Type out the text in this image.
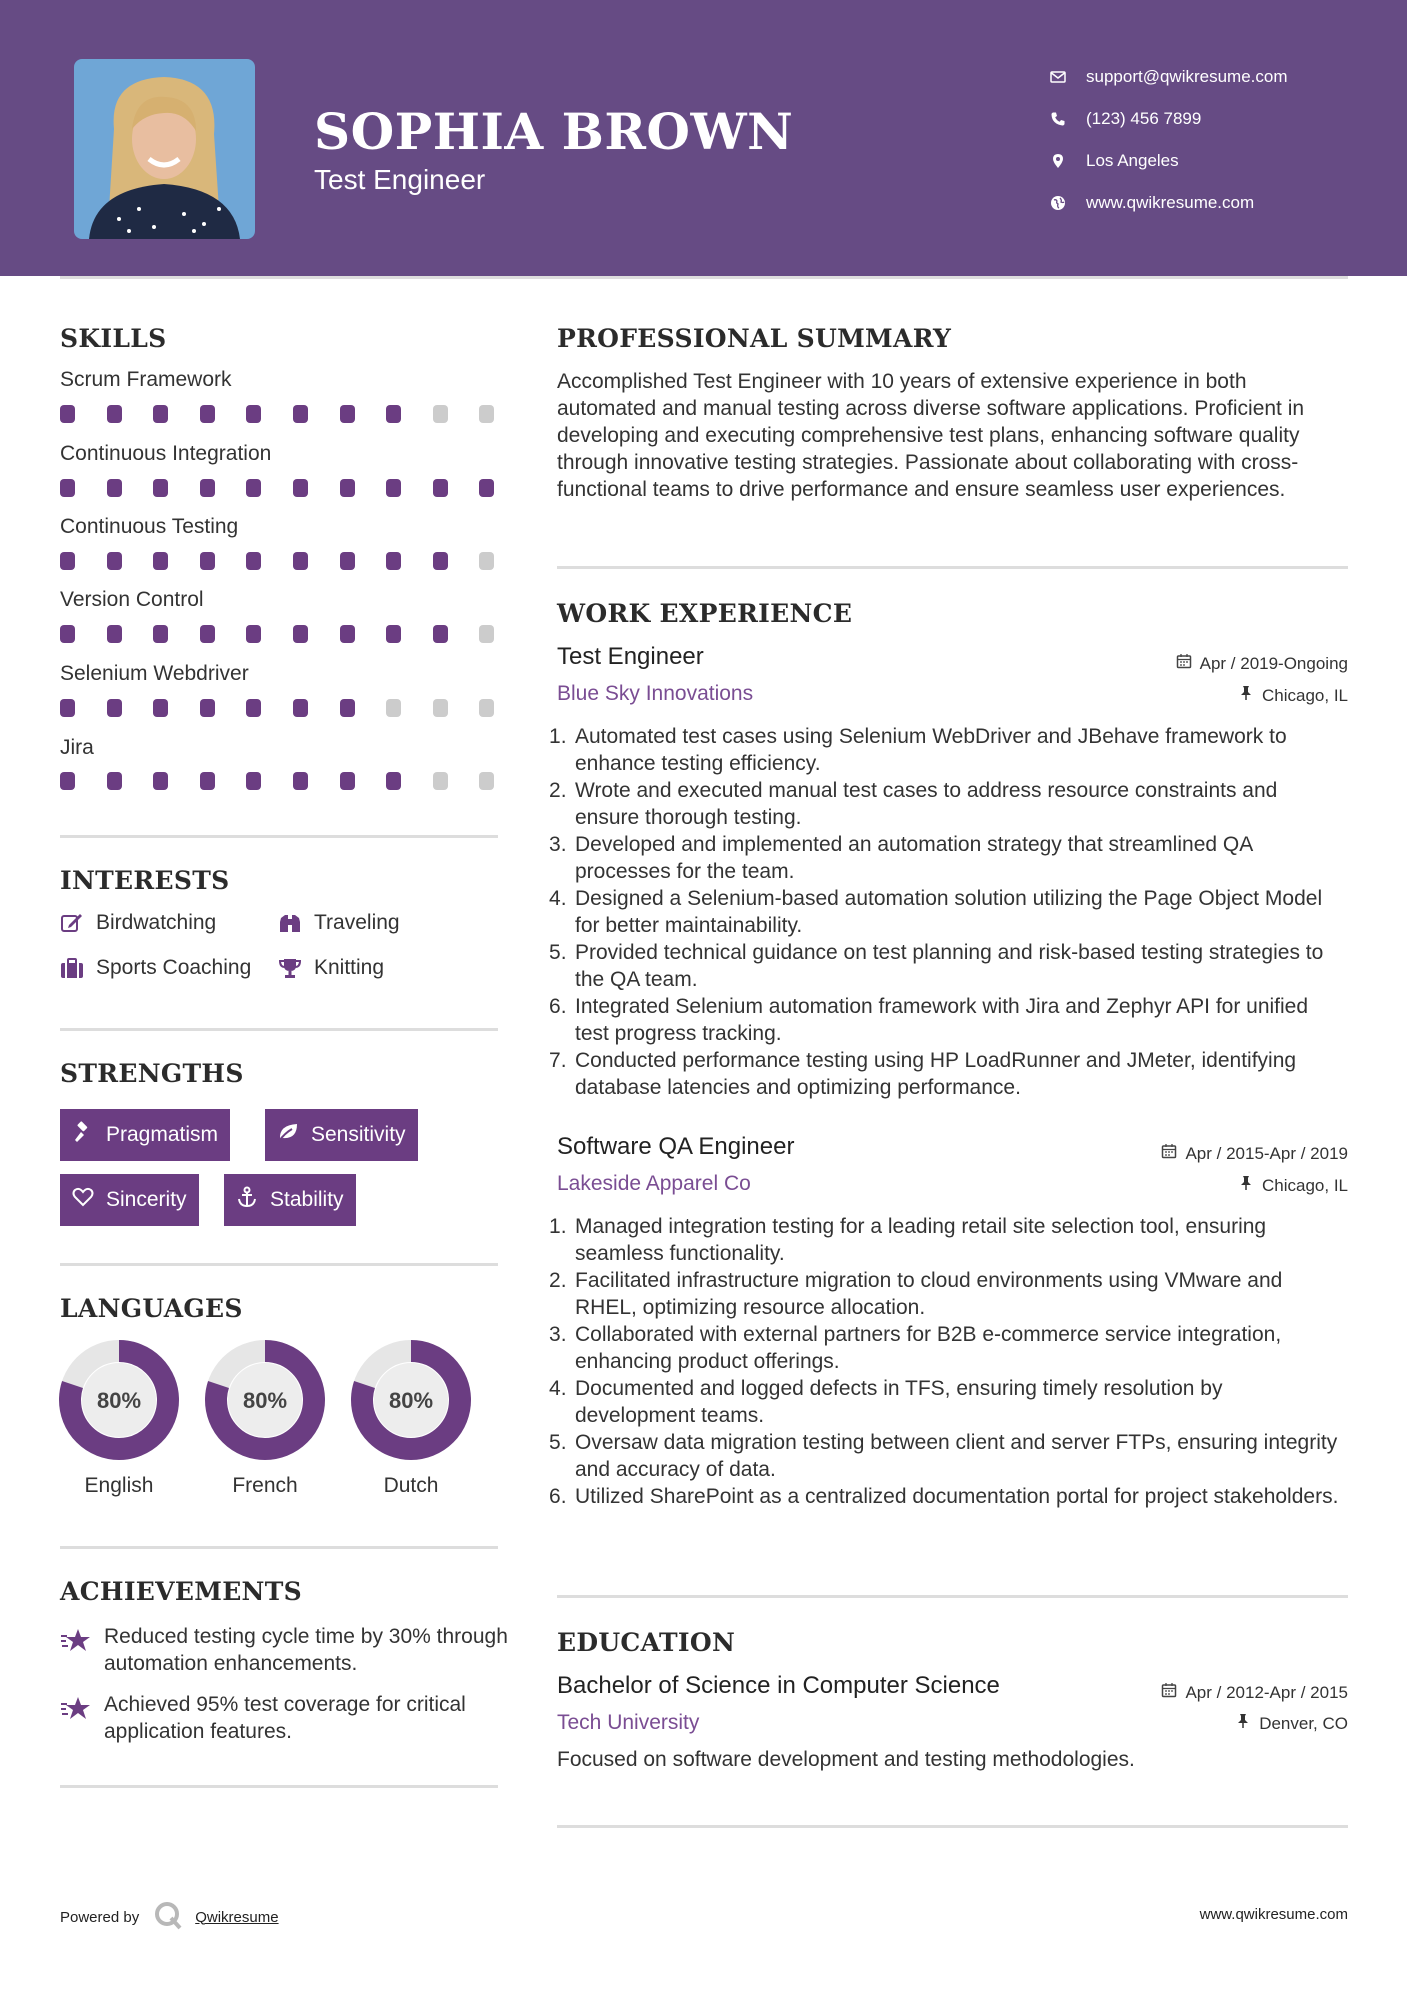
SOPHIA BROWN
Test Engineer
support@qwikresume.com
(123) 456 7899
Los Angeles
www.qwikresume.com
SKILLS
Scrum Framework
Continuous Integration
Continuous Testing
Version Control
Selenium Webdriver
Jira
INTERESTS
Birdwatching	Traveling
Sports Coaching	Knitting
STRENGTHS
Pragmatism	Sensitivity
Sincerity	Stability
LANGUAGES
80%
English
80%
French
80%
Dutch
ACHIEVEMENTS
Reduced testing cycle time by 30% through automation enhancements.
Achieved 95% test coverage for critical application features.
PROFESSIONAL SUMMARY
Accomplished Test Engineer with 10 years of extensive experience in both automated and manual testing across diverse software applications. Proficient in developing and executing comprehensive test plans, enhancing software quality through innovative testing strategies. Passionate about collaborating with cross-functional teams to drive performance and ensure seamless user experiences.
WORK EXPERIENCE
Test Engineer	Apr / 2019-Ongoing
Blue Sky Innovations	Chicago, IL
Automated test cases using Selenium WebDriver and JBehave framework to enhance testing efficiency.
Wrote and executed manual test cases to address resource constraints and ensure thorough testing.
Developed and implemented an automation strategy that streamlined QA processes for the team.
Designed a Selenium-based automation solution utilizing the Page Object Model for better maintainability.
Provided technical guidance on test planning and risk-based testing strategies to the QA team.
Integrated Selenium automation framework with Jira and Zephyr API for unified test progress tracking.
Conducted performance testing using HP LoadRunner and JMeter, identifying database latencies and optimizing performance.
Software QA Engineer	Apr / 2015-Apr / 2019
Lakeside Apparel Co	Chicago, IL
Managed integration testing for a leading retail site selection tool, ensuring seamless functionality.
Facilitated infrastructure migration to cloud environments using VMware and RHEL, optimizing resource allocation.
Collaborated with external partners for B2B e-commerce service integration, enhancing product offerings.
Documented and logged defects in TFS, ensuring timely resolution by development teams.
Oversaw data migration testing between client and server FTPs, ensuring integrity and accuracy of data.
Utilized SharePoint as a centralized documentation portal for project stakeholders.
EDUCATION
Bachelor of Science in Computer Science	Apr / 2012-Apr / 2015
Tech University	Denver, CO
Focused on software development and testing methodologies.
Powered by	Qwikresume	www.qwikresume.com
